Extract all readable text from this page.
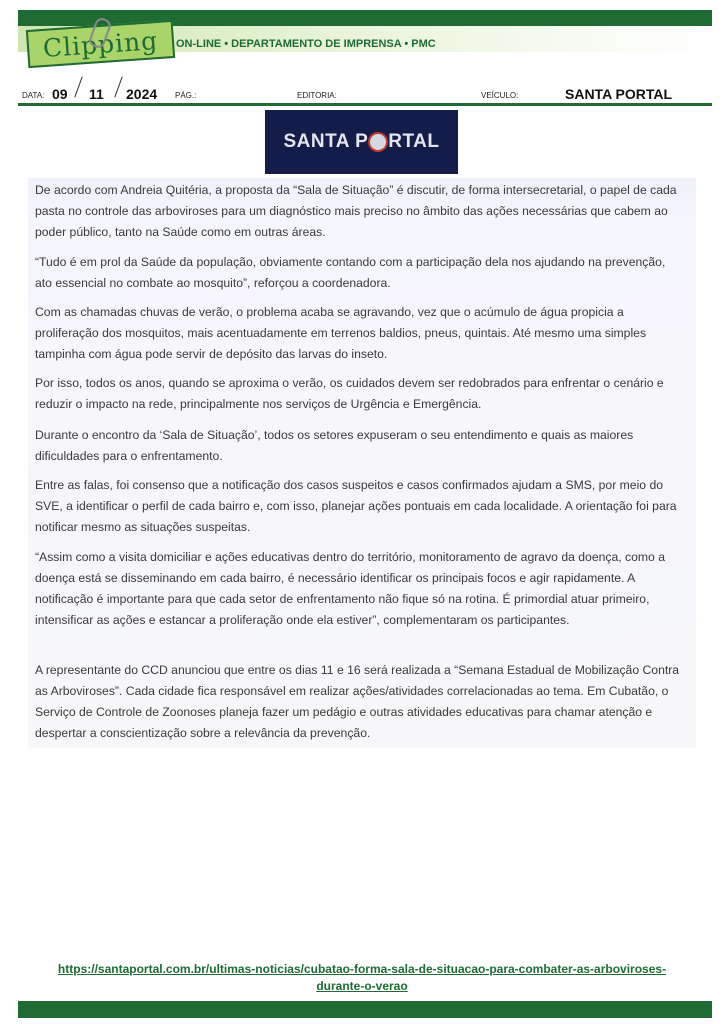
Clipping ON-LINE • DEPARTAMENTO DE IMPRENSA • PMC
DATA: 09 11 2024 PÁG.:	EDITORIA:	VEÍCULO:	SANTA PORTAL
SANTA P RTAL

De acordo com Andreia Quitéria, a proposta da “Sala de Situação” é discutir, de forma intersecretarial, o papel de cada pasta no controle das arboviroses para um diagnóstico mais preciso no âmbito das ações necessárias que cabem ao poder público, tanto na Saúde como em outras áreas.

“Tudo é em prol da Saúde da população, obviamente contando com a participação dela nos ajudando na prevenção, ato essencial no combate ao mosquito”, reforçou a coordenadora.

Com as chamadas chuvas de verão, o problema acaba se agravando, vez que o acúmulo de água propicia a proliferação dos mosquitos, mais acentuadamente em terrenos baldios, pneus, quintais. Até mesmo uma simples tampinha com água pode servir de depósito das larvas do inseto.

Por isso, todos os anos, quando se aproxima o verão, os cuidados devem ser redobrados para enfrentar o cenário e reduzir o impacto na rede, principalmente nos serviços de Urgência e Emergência.

Durante o encontro da ‘Sala de Situação’, todos os setores expuseram o seu entendimento e quais as maiores dificuldades para o enfrentamento.

Entre as falas, foi consenso que a notificação dos casos suspeitos e casos confirmados ajudam a SMS, por meio do SVE, a identificar o perfil de cada bairro e, com isso, planejar ações pontuais em cada localidade. A orientação foi para notificar mesmo as situações suspeitas.

“Assim como a visita domiciliar e ações educativas dentro do território, monitoramento de agravo da doença, como a doença está se disseminando em cada bairro, é necessário identificar os principais focos e agir rapidamente. A notificação é importante para que cada setor de enfrentamento não fique só na rotina. É primordial atuar primeiro, intensificar as ações e estancar a proliferação onde ela estiver”, complementaram os participantes.

A representante do CCD anunciou que entre os dias 11 e 16 será realizada a “Semana Estadual de Mobilização Contra as Arboviroses”. Cada cidade fica responsável em realizar ações/atividades correlacionadas ao tema. Em Cubatão, o Serviço de Controle de Zoonoses planeja fazer um pedágio e outras atividades educativas para chamar atenção e despertar a conscientização sobre a relevância da prevenção.

https://santaportal.com.br/ultimas-noticias/cubatao-forma-sala-de-situacao-para-combater-as-arboviroses-durante-o-verao
